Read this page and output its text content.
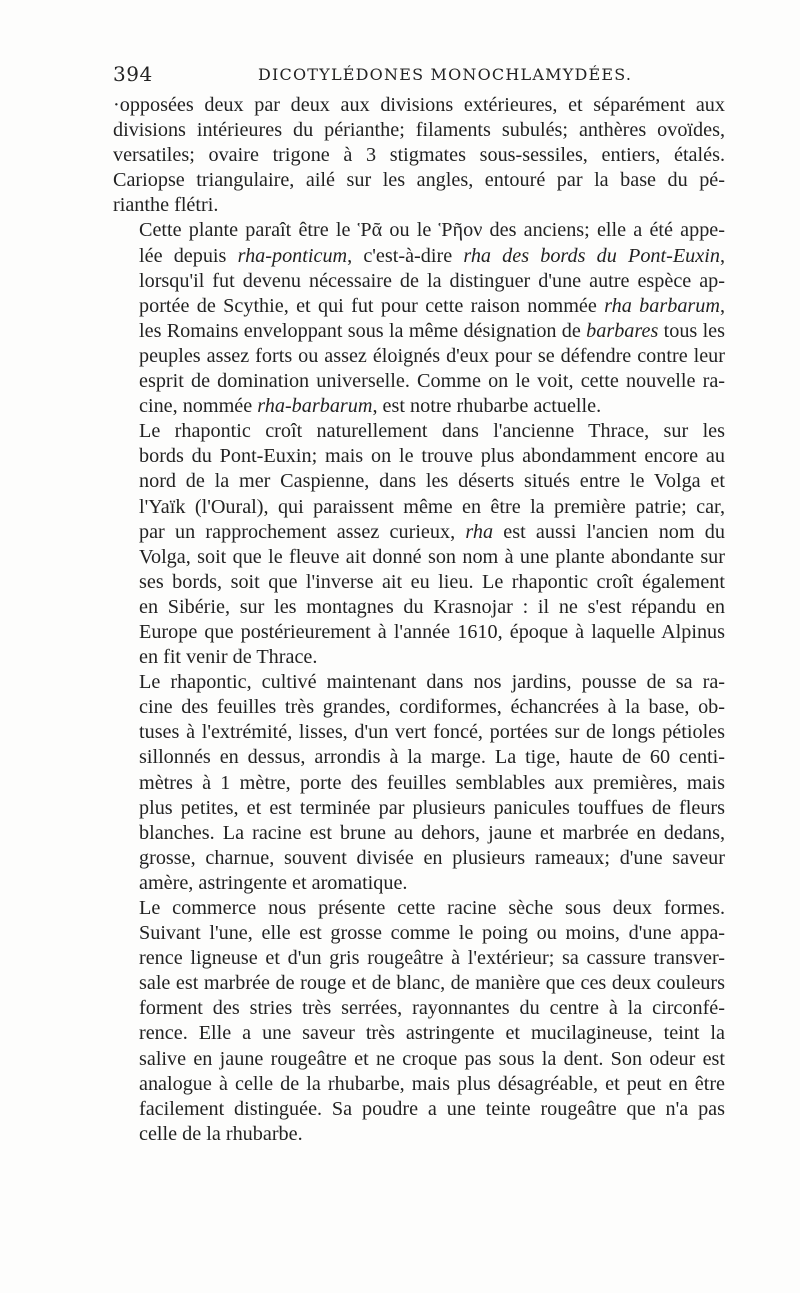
394	DICOTYLÉDONES MONOCHLAMYDÉES.
·opposées deux par deux aux divisions extérieures, et séparément aux
divisions intérieures du périanthe; filaments subulés; anthères ovoïdes,
versatiles; ovaire trigone à 3 stigmates sous-sessiles, entiers, étalés.
Cariopse triangulaire, ailé sur les angles, entouré par la base du pé-
rianthe flétri.
Cette plante paraît être le Ῥᾶ ou le Ῥῆον des anciens; elle a été appe-
lée depuis rha-ponticum, c'est-à-dire rha des bords du Pont-Euxin,
lorsqu'il fut devenu nécessaire de la distinguer d'une autre espèce ap-
portée de Scythie, et qui fut pour cette raison nommée rha barbarum,
les Romains enveloppant sous la même désignation de barbares tous les
peuples assez forts ou assez éloignés d'eux pour se défendre contre leur
esprit de domination universelle. Comme on le voit, cette nouvelle ra-
cine, nommée rha-barbarum, est notre rhubarbe actuelle.
Le rhapontic croît naturellement dans l'ancienne Thrace, sur les
bords du Pont-Euxin; mais on le trouve plus abondamment encore au
nord de la mer Caspienne, dans les déserts situés entre le Volga et
l'Yaïk (l'Oural), qui paraissent même en être la première patrie; car,
par un rapprochement assez curieux, rha est aussi l'ancien nom du
Volga, soit que le fleuve ait donné son nom à une plante abondante sur
ses bords, soit que l'inverse ait eu lieu. Le rhapontic croît également
en Sibérie, sur les montagnes du Krasnojar : il ne s'est répandu en
Europe que postérieurement à l'année 1610, époque à laquelle Alpinus
en fit venir de Thrace.
Le rhapontic, cultivé maintenant dans nos jardins, pousse de sa ra-
cine des feuilles très grandes, cordiformes, échancrées à la base, ob-
tuses à l'extrémité, lisses, d'un vert foncé, portées sur de longs pétioles
sillonnés en dessus, arrondis à la marge. La tige, haute de 60 centi-
mètres à 1 mètre, porte des feuilles semblables aux premières, mais
plus petites, et est terminée par plusieurs panicules touffues de fleurs
blanches. La racine est brune au dehors, jaune et marbrée en dedans,
grosse, charnue, souvent divisée en plusieurs rameaux; d'une saveur
amère, astringente et aromatique.
Le commerce nous présente cette racine sèche sous deux formes.
Suivant l'une, elle est grosse comme le poing ou moins, d'une appa-
rence ligneuse et d'un gris rougeâtre à l'extérieur; sa cassure transver-
sale est marbrée de rouge et de blanc, de manière que ces deux couleurs
forment des stries très serrées, rayonnantes du centre à la circonfé-
rence. Elle a une saveur très astringente et mucilagineuse, teint la
salive en jaune rougeâtre et ne croque pas sous la dent. Son odeur est
analogue à celle de la rhubarbe, mais plus désagréable, et peut en être
facilement distinguée. Sa poudre a une teinte rougeâtre que n'a pas
celle de la rhubarbe.
